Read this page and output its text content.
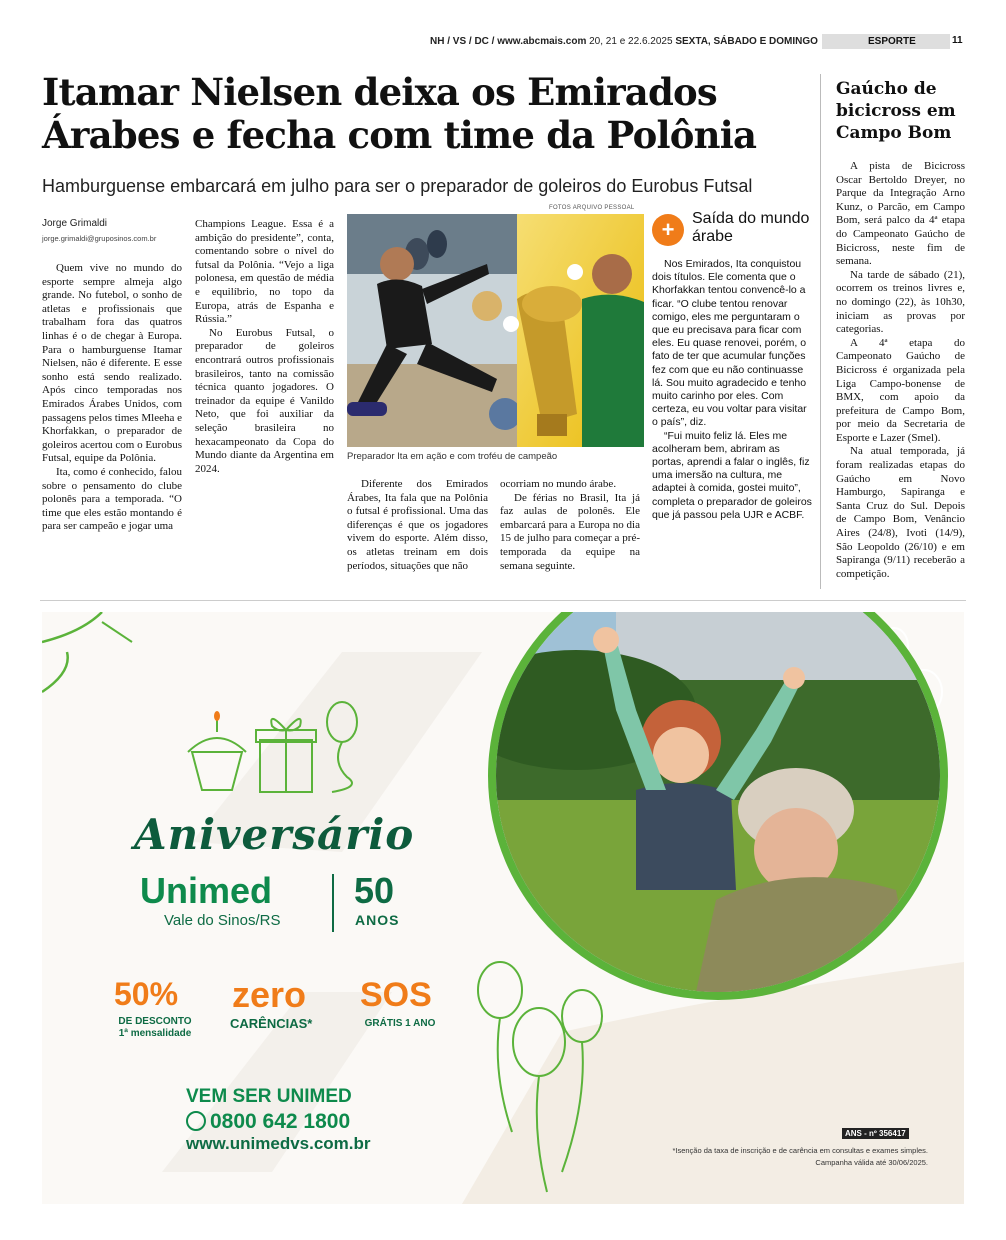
NH / VS / DC / www.abcmais.com 20, 21 e 22.6.2025 SEXTA, SÁBADO E DOMINGO	ESPORTE	11
Itamar Nielsen deixa os Emirados
Árabes e fecha com time da Polônia
Hamburguense embarcará em julho para ser o preparador de goleiros do Eurobus Futsal
Jorge Grimaldi
jorge.grimaldi@gruposinos.com.br

Quem vive no mundo do esporte sempre almeja algo grande. No futebol, o sonho de atletas e profissionais que trabalham fora das quatros linhas é o de chegar à Europa. Para o hamburguense Itamar Nielsen, não é diferente. E esse sonho está sendo realizado. Após cinco temporadas nos Emirados Árabes Unidos, com passagens pelos times Mleeha e Khorfakkan, o preparador de goleiros acertou com o Eurobus Futsal, equipe da Polônia.

Ita, como é conhecido, falou sobre o pensamento do clube polonês para a temporada. “O time que eles estão montando é para ser campeão e jogar uma

Champions League. Essa é a ambição do presidente”, conta, comentando sobre o nível do futsal da Polônia. “Vejo a liga polonesa, em questão de média e equilíbrio, no topo da Europa, atrás de Espanha e Rússia.”

No Eurobus Futsal, o preparador de goleiros encontrará outros profissionais brasileiros, tanto na comissão técnica quanto jogadores. O treinador da equipe é Vanildo Neto, que foi auxiliar da seleção brasileira no hexacampeonato da Copa do Mundo diante da Argentina em 2024.

FOTOS ARQUIVO PESSOAL
Preparador Ita em ação e com troféu de campeão

Diferente dos Emirados Árabes, Ita fala que na Polônia o futsal é profissional. Uma das diferenças é que os jogadores vivem do esporte. Além disso, os atletas treinam em dois períodos, situações que não

ocorriam no mundo árabe.

De férias no Brasil, Ita já faz aulas de polonês. Ele embarcará para a Europa no dia 15 de julho para começar a pré-temporada da equipe na semana seguinte.

+	Saída do mundo árabe

Nos Emirados, Ita conquistou dois títulos. Ele comenta que o Khorfakkan tentou convencê-lo a ficar. “O clube tentou renovar comigo, eles me perguntaram o que eu precisava para ficar com eles. Eu quase renovei, porém, o fato de ter que acumular funções fez com que eu não continuasse lá. Sou muito agradecido e tenho muito carinho por eles. Com certeza, eu vou voltar para visitar o país”, diz.

“Fui muito feliz lá. Eles me acolheram bem, abriram as portas, aprendi a falar o inglês, fiz uma imersão na cultura, me adaptei à comida, gostei muito”, completa o preparador de goleiros que já passou pela UJR e ACBF.

Gaúcho de bicicross em Campo Bom

A pista de Bicicross Oscar Bertoldo Dreyer, no Parque da Integração Arno Kunz, o Parcão, em Campo Bom, será palco da 4ª etapa do Campeonato Gaúcho de Bicicross, neste fim de semana.

Na tarde de sábado (21), ocorrem os treinos livres e, no domingo (22), às 10h30, iniciam as provas por categorias.

A 4ª etapa do Campeonato Gaúcho de Bicicross é organizada pela Liga Campo-bonense de BMX, com apoio da prefeitura de Campo Bom, por meio da Secretaria de Esporte e Lazer (Smel).

Na atual temporada, já foram realizadas etapas do Gaúcho em Novo Hamburgo, Sapiranga e Santa Cruz do Sul. Depois de Campo Bom, Venâncio Aires (24/8), Ivoti (14/9), São Leopoldo (26/10) e em Sapiranga (9/11) receberão a competição.

Aniversário
Unimed
Vale do Sinos/RS
50
ANOS
50%
DE DESCONTO
1ª mensalidade
zero
CARÊNCIAS*
SOS
GRÁTIS 1 ANO
VEM SER UNIMED
0800 642 1800
www.unimedvs.com.br
ANS - nº 356417
*Isenção da taxa de inscrição e de carência em consultas e exames simples.
Campanha válida até 30/06/2025.
